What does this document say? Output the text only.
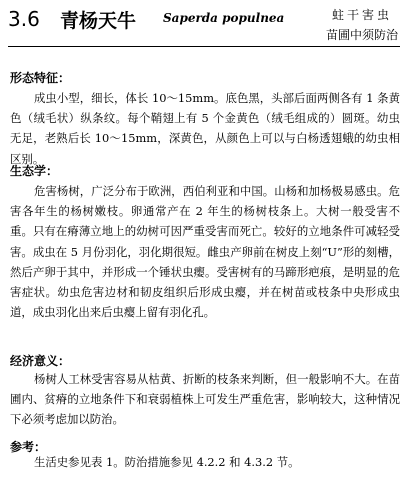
3.6 青杨天牛 Saperda populnea	蛀干害虫
苗圃中须防治
形态特征：

成虫小型，细长，体长 10～15mm。底色黑，头部后面两侧各有 1 条黄色（绒毛状）纵条纹。每个鞘翅上有 5 个金黄色（绒毛组成的）圆斑。幼虫无足，老熟后长 10～15mm，深黄色，从颜色上可以与白杨透翅蛾的幼虫相区别。

生态学：

危害杨树，广泛分布于欧洲，西伯利亚和中国。山杨和加杨极易感虫。危害各年生的杨树嫩枝。卵通常产在 2 年生的杨树枝条上。大树一般受害不重。只有在瘠薄立地上的幼树可因严重受害而死亡。较好的立地条件可减轻受害。成虫在 5 月份羽化，羽化期很短。雌虫产卵前在树皮上刻“U”形的刻槽，然后产卵于其中，并形成一个锤状虫瘿。受害树有的马蹄形疤痕，是明显的危害症状。幼虫危害边材和韧皮组织后形成虫瘿，并在树苗或枝条中央形成虫道，成虫羽化出来后虫瘿上留有羽化孔。

经济意义：

杨树人工林受害容易从枯黄、折断的枝条来判断，但一般影响不大。在苗圃内、贫瘠的立地条件下和衰弱植株上可发生严重危害，影响较大，这种情况下必须考虑加以防治。

参考：

生活史参见表 1。防治措施参见 4.2.2 和 4.3.2 节。
